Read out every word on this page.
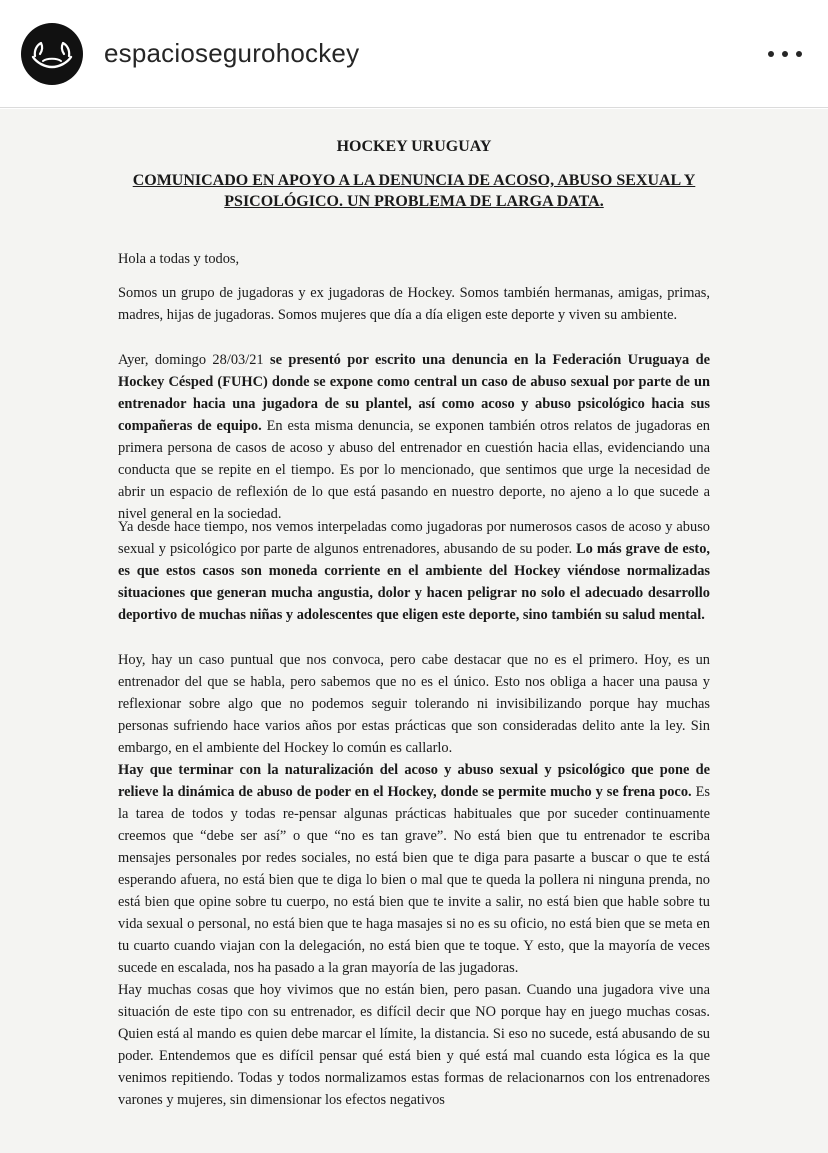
espaciosegurohockey

HOCKEY URUGUAY

COMUNICADO EN APOYO A LA DENUNCIA DE ACOSO, ABUSO SEXUAL Y PSICOLÓGICO. UN PROBLEMA DE LARGA DATA.

Hola a todas y todos,

Somos un grupo de jugadoras y ex jugadoras de Hockey. Somos también hermanas, amigas, primas, madres, hijas de jugadoras. Somos mujeres que día a día eligen este deporte y viven su ambiente.

Ayer, domingo 28/03/21 se presentó por escrito una denuncia en la Federación Uruguaya de Hockey Césped (FUHC) donde se expone como central un caso de abuso sexual por parte de un entrenador hacia una jugadora de su plantel, así como acoso y abuso psicológico hacia sus compañeras de equipo. En esta misma denuncia, se exponen también otros relatos de jugadoras en primera persona de casos de acoso y abuso del entrenador en cuestión hacia ellas, evidenciando una conducta que se repite en el tiempo. Es por lo mencionado, que sentimos que urge la necesidad de abrir un espacio de reflexión de lo que está pasando en nuestro deporte, no ajeno a lo que sucede a nivel general en la sociedad.

Ya desde hace tiempo, nos vemos interpeladas como jugadoras por numerosos casos de acoso y abuso sexual y psicológico por parte de algunos entrenadores, abusando de su poder. Lo más grave de esto, es que estos casos son moneda corriente en el ambiente del Hockey viéndose normalizadas situaciones que generan mucha angustia, dolor y hacen peligrar no solo el adecuado desarrollo deportivo de muchas niñas y adolescentes que eligen este deporte, sino también su salud mental.

Hoy, hay un caso puntual que nos convoca, pero cabe destacar que no es el primero. Hoy, es un entrenador del que se habla, pero sabemos que no es el único. Esto nos obliga a hacer una pausa y reflexionar sobre algo que no podemos seguir tolerando ni invisibilizando porque hay muchas personas sufriendo hace varios años por estas prácticas que son consideradas delito ante la ley. Sin embargo, en el ambiente del Hockey lo común es callarlo.

Hay que terminar con la naturalización del acoso y abuso sexual y psicológico que pone de relieve la dinámica de abuso de poder en el Hockey, donde se permite mucho y se frena poco. Es la tarea de todos y todas re-pensar algunas prácticas habituales que por suceder continuamente creemos que “debe ser así” o que “no es tan grave”. No está bien que tu entrenador te escriba mensajes personales por redes sociales, no está bien que te diga para pasarte a buscar o que te está esperando afuera, no está bien que te diga lo bien o mal que te queda la pollera ni ninguna prenda, no está bien que opine sobre tu cuerpo, no está bien que te invite a salir, no está bien que hable sobre tu vida sexual o personal, no está bien que te haga masajes si no es su oficio, no está bien que se meta en tu cuarto cuando viajan con la delegación, no está bien que te toque. Y esto, que la mayoría de veces sucede en escalada, nos ha pasado a la gran mayoría de las jugadoras.

Hay muchas cosas que hoy vivimos que no están bien, pero pasan. Cuando una jugadora vive una situación de este tipo con su entrenador, es difícil decir que NO porque hay en juego muchas cosas. Quien está al mando es quien debe marcar el límite, la distancia. Si eso no sucede, está abusando de su poder. Entendemos que es difícil pensar qué está bien y qué está mal cuando esta lógica es la que venimos repitiendo. Todas y todos normalizamos estas formas de relacionarnos con los entrenadores varones y mujeres, sin dimensionar los efectos negativos
